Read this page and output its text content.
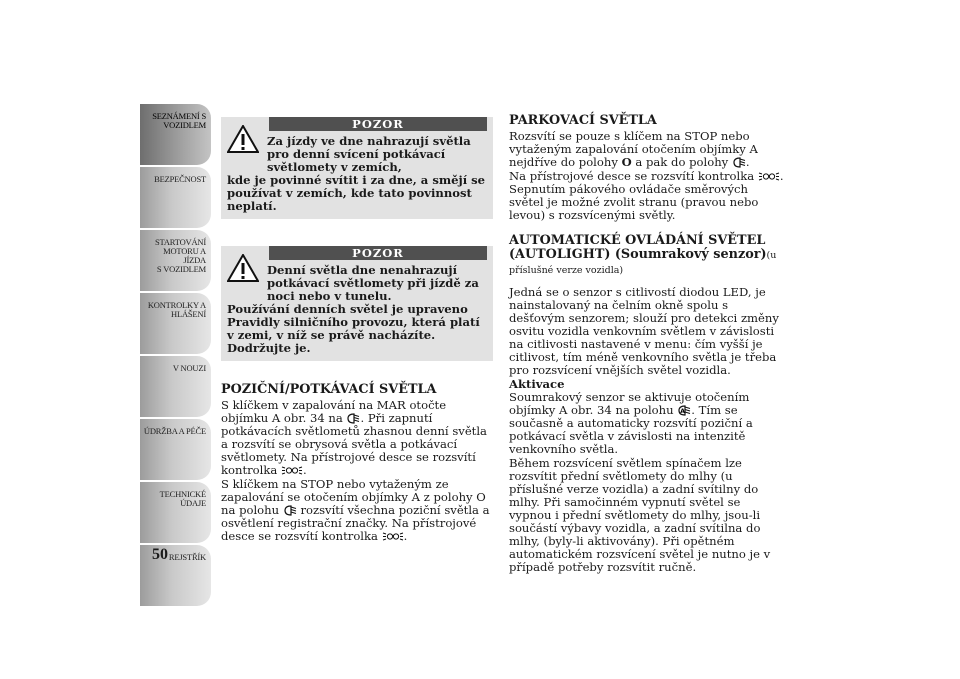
SEZNÁMENÍ S
VOZIDLEM
BEZPEČNOST
STARTOVÁNÍ
MOTORU A JÍZDA
S VOZIDLEM
KONTROLKY A
HLÁŠENÍ
V NOUZI
ÚDRŽBA A PÉČE
TECHNICKÉ
ÚDAJE
REJSTŘÍK
50
POZOR
Za jízdy ve dne nahrazují světla pro denní svícení potkávací světlomety v zemích,
kde je povinné svítit i za dne, a smějí se používat v zemích, kde tato povinnost neplatí.
POZOR
Denní světla dne nenahrazují potkávací světlomety při jízdě za noci nebo v tunelu.
Používání denních světel je upraveno Pravidly silničního provozu, která platí v zemi, v níž se právě nacházíte. Dodržujte je.
POZIČNÍ/POTKÁVACÍ SVĚTLA

S klíčkem v zapalování na MAR otočte objímku A obr. 34 na . Při zapnutí potkávacích světlometů zhasnou denní světla a rozsvítí se obrysová světla a potkávací světlomety. Na přístrojové desce se rozsvítí kontrolka .

S klíčkem na STOP nebo vytaženým ze zapalování se otočením objímky A z polohy O na polohu rozsvítí všechna poziční světla a osvětlení registrační značky. Na přístrojové desce se rozsvítí kontrolka .

PARKOVACÍ SVĚTLA

Rozsvítí se pouze s klíčem na STOP nebo vytaženým zapalování otočením objímky A nejdříve do polohy O a pak do polohy .

Na přístrojové desce se rozsvítí kontrolka . Sepnutím pákového ovládače směrových světel je možné zvolit stranu (pravou nebo levou) s rozsvícenými světly.

AUTOMATICKÉ OVLÁDÁNÍ SVĚTEL (AUTOLIGHT) (Soumrakový senzor)(u příslušné verze vozidla)

Jedná se o senzor s citlivostí diodou LED, je nainstalovaný na čelním okně spolu s dešťovým senzorem; slouží pro detekci změny osvitu vozidla venkovním světlem v závislosti na citlivosti nastavené v menu: čím vyšší je citlivost, tím méně venkovního světla je třeba pro rozsvícení vnějších světel vozidla.

Aktivace

Soumrakový senzor se aktivuje otočením objímky A obr. 34 na polohu A . Tím se současně a automaticky rozsvítí poziční a potkávací světla v závislosti na intenzitě venkovního světla.

Během rozsvícení světlem spínačem lze rozsvítit přední světlomety do mlhy (u příslušné verze vozidla) a zadní svítilny do mlhy. Při samočinném vypnutí světel se vypnou i přední světlomety do mlhy, jsou-li součástí výbavy vozidla, a zadní svítilna do mlhy, (byly-li aktivovány). Při opětném automatickém rozsvícení světel je nutno je v případě potřeby rozsvítit ručně.
